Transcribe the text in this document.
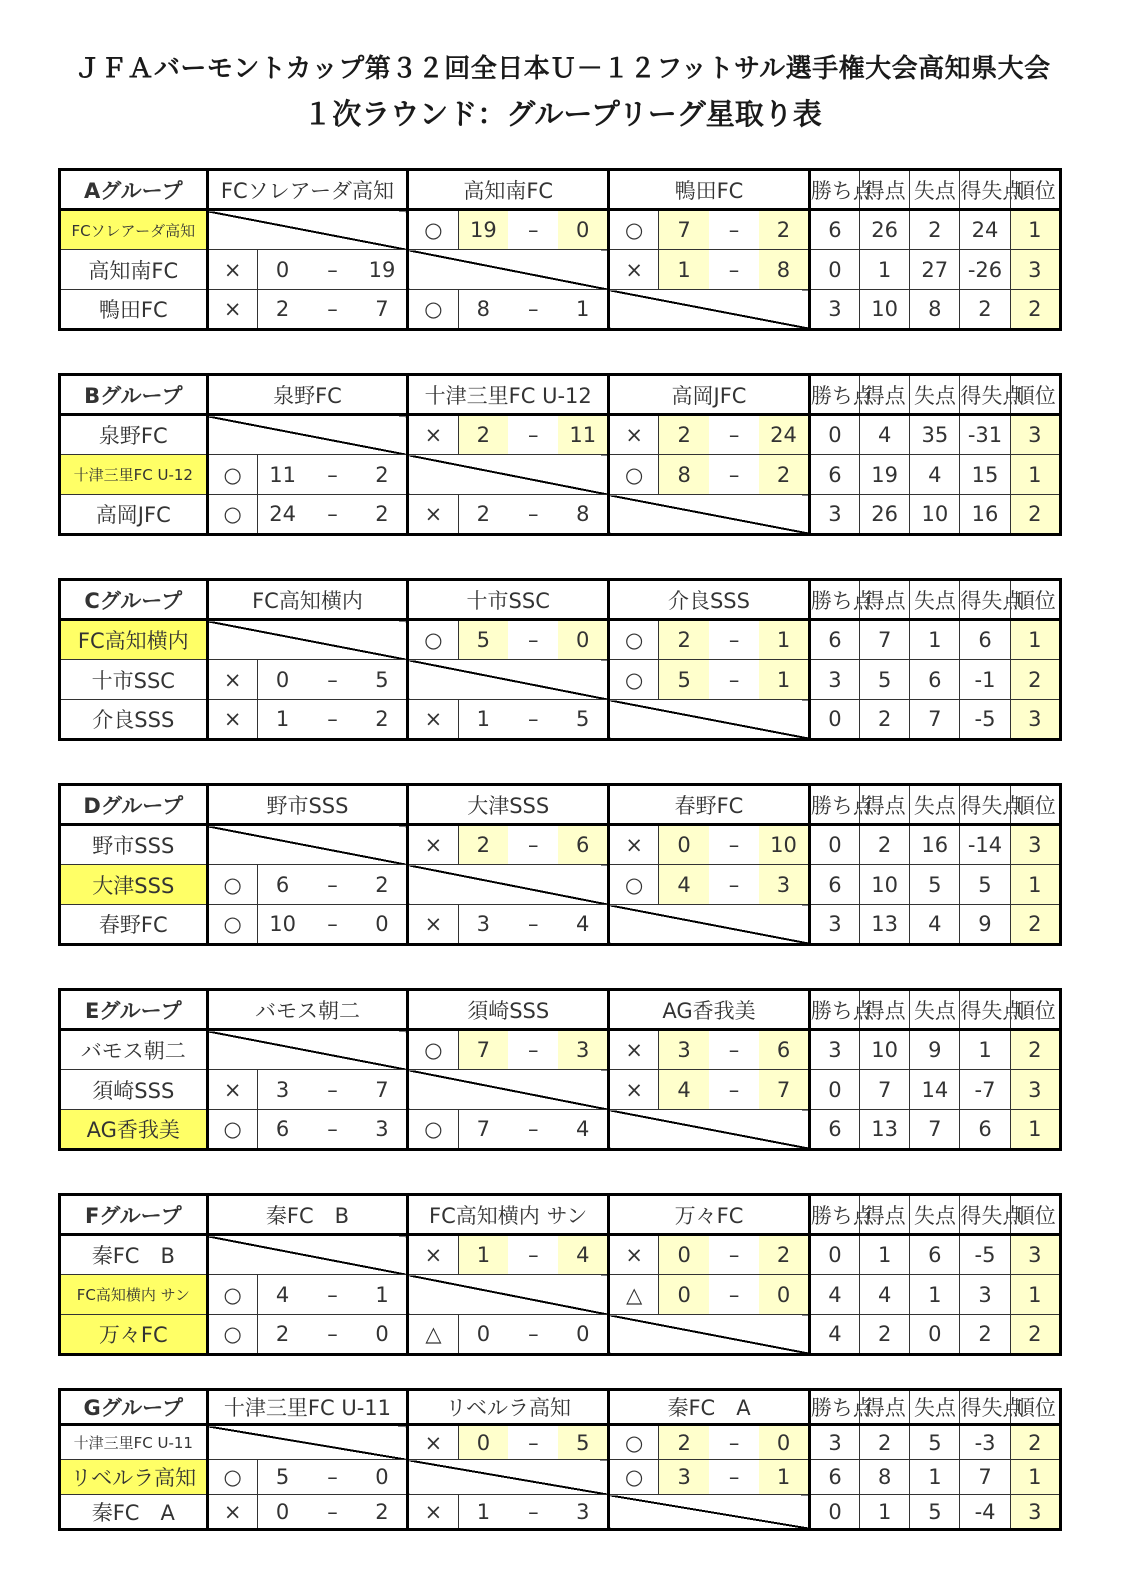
ＪＦＡバーモントカップ第３２回全日本Ｕ－１２フットサル選手権大会高知県大会
１次ラウンド：グループリーグ星取り表
Aグループ	FCソレアーダ高知				高知南FC				鴨田FC				勝ち点	得点	失点	得失点	順位
FCソレアーダ高知					○	19	–	0	○	7	–	2	6	26	2	24	1
高知南FC	×	0	–	19					×	1	–	8	0	1	27	-26	3
鴨田FC	×	2	–	7	○	8	–	1					3	10	8	2	2
Bグループ	泉野FC				十津三里FC U-12				高岡JFC				勝ち点	得点	失点	得失点	順位
泉野FC					×	2	–	11	×	2	–	24	0	4	35	-31	3
十津三里FC U-12	○	11	–	2					○	8	–	2	6	19	4	15	1
高岡JFC	○	24	–	2	×	2	–	8					3	26	10	16	2
Cグループ	FC高知横内				十市SSC				介良SSS				勝ち点	得点	失点	得失点	順位
FC高知横内					○	5	–	0	○	2	–	1	6	7	1	6	1
十市SSC	×	0	–	5					○	5	–	1	3	5	6	-1	2
介良SSS	×	1	–	2	×	1	–	5					0	2	7	-5	3
Dグループ	野市SSS				大津SSS				春野FC				勝ち点	得点	失点	得失点	順位
野市SSS					×	2	–	6	×	0	–	10	0	2	16	-14	3
大津SSS	○	6	–	2					○	4	–	3	6	10	5	5	1
春野FC	○	10	–	0	×	3	–	4					3	13	4	9	2
Eグループ	バモス朝二				須崎SSS				AG香我美				勝ち点	得点	失点	得失点	順位
バモス朝二					○	7	–	3	×	3	–	6	3	10	9	1	2
須崎SSS	×	3	–	7					×	4	–	7	0	7	14	-7	3
AG香我美	○	6	–	3	○	7	–	4					6	13	7	6	1
Fグループ	秦FC　B				FC高知横内 サン				万々FC				勝ち点	得点	失点	得失点	順位
秦FC　B					×	1	–	4	×	0	–	2	0	1	6	-5	3
FC高知横内 サン	○	4	–	1					△	0	–	0	4	4	1	3	1
万々FC	○	2	–	0	△	0	–	0					4	2	0	2	2
Gグループ	十津三里FC U-11				リベルラ高知				秦FC　A				勝ち点	得点	失点	得失点	順位
十津三里FC U-11					×	0	–	5	○	2	–	0	3	2	5	-3	2
リベルラ高知	○	5	–	0					○	3	–	1	6	8	1	7	1
秦FC　A	×	0	–	2	×	1	–	3					0	1	5	-4	3
